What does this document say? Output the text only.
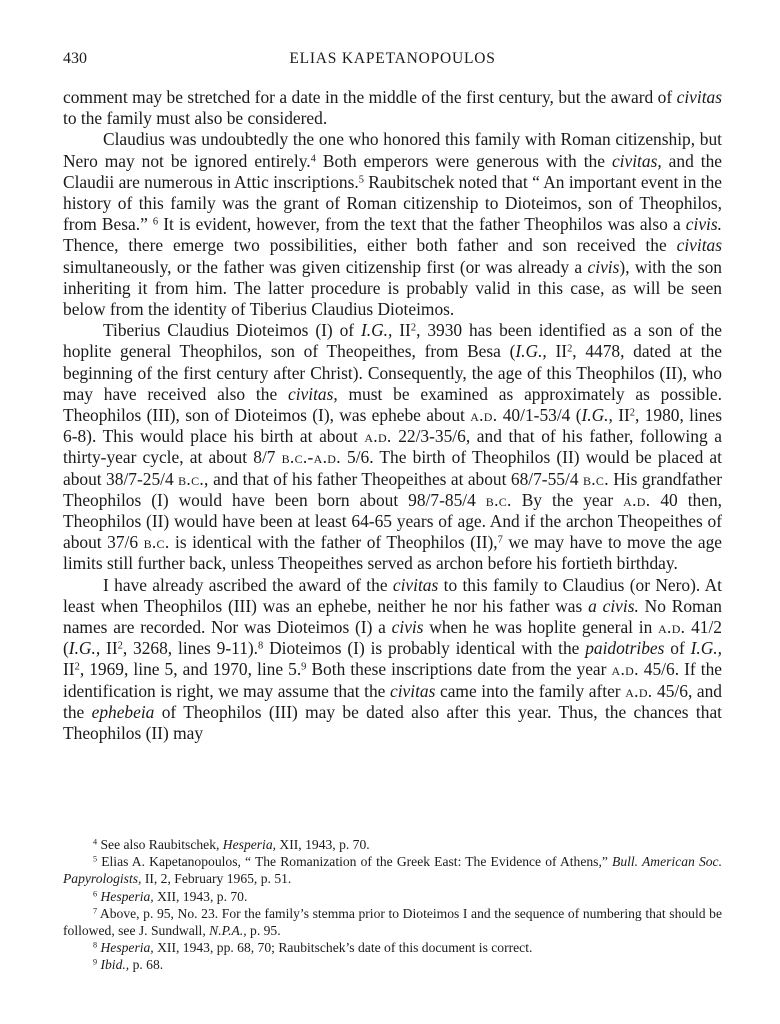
430	ELIAS KAPETANOPOULOS

comment may be stretched for a date in the middle of the first century, but the award of civitas to the family must also be considered.

Claudius was undoubtedly the one who honored this family with Roman citizenship, but Nero may not be ignored entirely.$^4$ Both emperors were generous with the civitas, and the Claudii are numerous in Attic inscriptions.$^5$ Raubitschek noted that “ An important event in the history of this family was the grant of Roman citizenship to Dioteimos, son of Theophilos, from Besa.” $^6$ It is evident, however, from the text that the father Theophilos was also a civis. Thence, there emerge two possibilities, either both father and son received the civitas simultaneously, or the father was given citizenship first (or was already a civis), with the son inheriting it from him. The latter procedure is probably valid in this case, as will be seen below from the identity of Tiberius Claudius Dioteimos.

Tiberius Claudius Dioteimos (I) of I.G., $II^2$, 3930 has been identified as a son of the hoplite general Theophilos, son of Theopeithes, from Besa (I.G., $II^2$, 4478, dated at the beginning of the first century after Christ). Consequently, the age of this Theophilos (II), who may have received also the civitas, must be examined as approximately as possible. Theophilos (III), son of Dioteimos (I), was ephebe about a.d. 40/1-53/4 (I.G., $II^2$, 1980, lines 6-8). This would place his birth at about a.d. 22/3-35/6, and that of his father, following a thirty-year cycle, at about 8/7 b.c.-a.d. 5/6. The birth of Theophilos (II) would be placed at about 38/7-25/4 b.c., and that of his father Theopeithes at about 68/7-55/4 b.c. His grandfather Theophilos (I) would have been born about 98/7-85/4 b.c. By the year a.d. 40 then, Theophilos (II) would have been at least 64-65 years of age. And if the archon Theopeithes of about 37/6 b.c. is identical with the father of Theophilos (II),$^7$ we may have to move the age limits still further back, unless Theopeithes served as archon before his fortieth birthday.

I have already ascribed the award of the civitas to this family to Claudius (or Nero). At least when Theophilos (III) was an ephebe, neither he nor his father was a civis. No Roman names are recorded. Nor was Dioteimos (I) a civis when he was hoplite general in a.d. 41/2 (I.G., $II^2$, 3268, lines 9-11).$^8$ Dioteimos (I) is probably identical with the paidotribes of I.G., $II^2$, 1969, line 5, and 1970, line 5.$^9$ Both these inscriptions date from the year a.d. 45/6. If the identification is right, we may assume that the civitas came into the family after a.d. 45/6, and the ephebeia of Theophilos (III) may be dated also after this year. Thus, the chances that Theophilos (II) may

$^4$ See also Raubitschek, Hesperia, XII, 1943, p. 70.

$^5$ Elias A. Kapetanopoulos, “ The Romanization of the Greek East: The Evidence of Athens,” Bull. American Soc. Papyrologists, II, 2, February 1965, p. 51.

$^6$ Hesperia, XII, 1943, p. 70.

$^7$ Above, p. 95, No. 23. For the family’s stemma prior to Dioteimos I and the sequence of numbering that should be followed, see J. Sundwall, N.P.A., p. 95.

$^8$ Hesperia, XII, 1943, pp. 68, 70; Raubitschek’s date of this document is correct.

$^9$ Ibid., p. 68.
